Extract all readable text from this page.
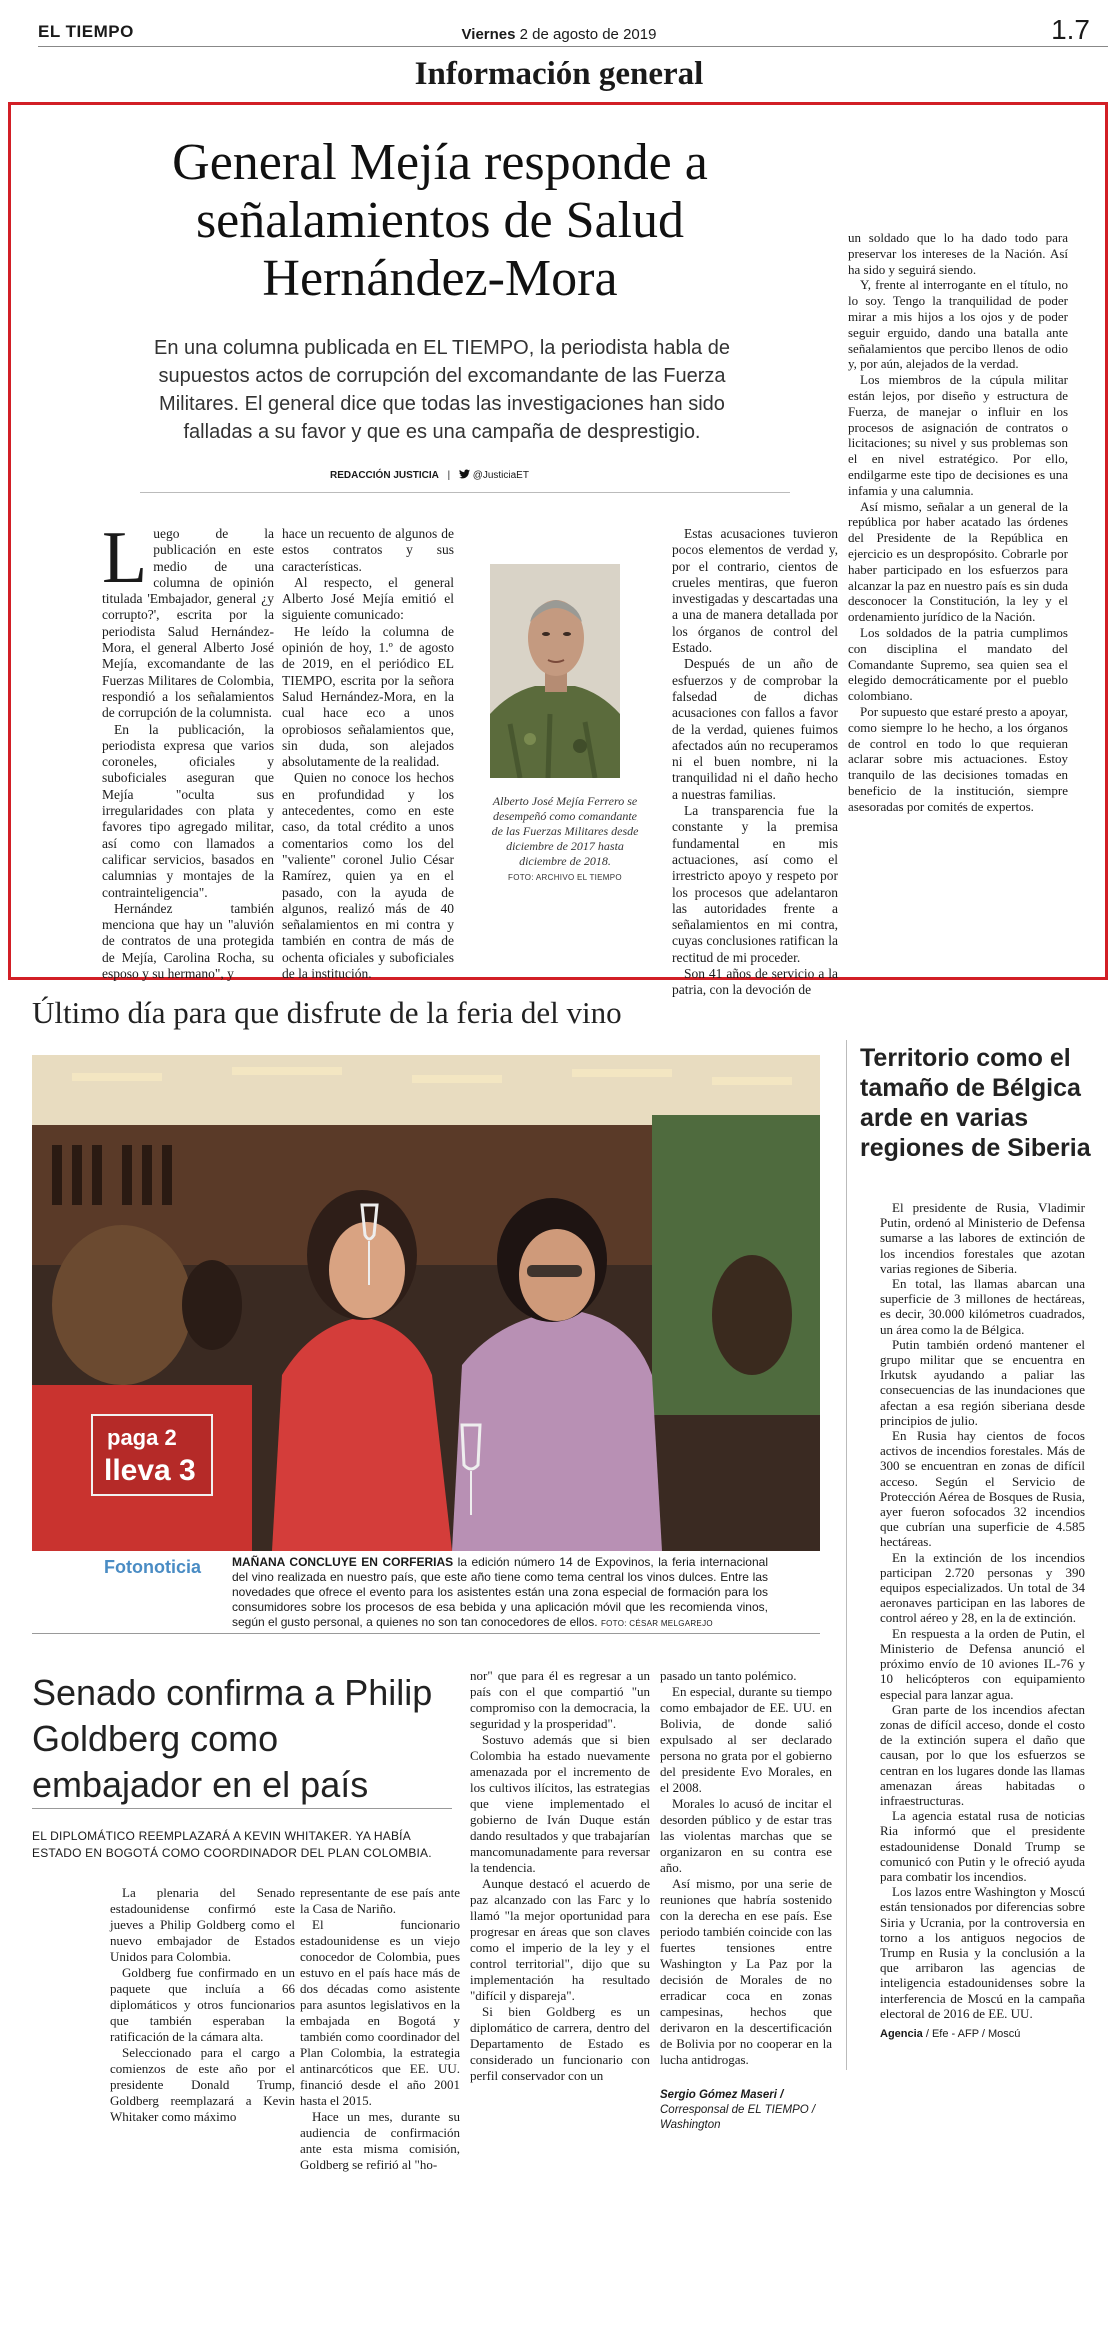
EL TIEMPO	Viernes 2 de agosto de 2019	1.7
Información general
General Mejía responde a señalamientos de Salud Hernández-Mora

En una columna publicada en EL TIEMPO, la periodista habla de supuestos actos de corrupción del excomandante de las Fuerza Militares. El general dice que todas las investigaciones han sido falladas a su favor y que es una campaña de desprestigio.

REDACCIÓN JUSTICIA | @JusticiaET

Luego de la publicación en este medio de una columna de opinión titulada 'Embajador, general ¿y corrupto?', escrita por la periodista Salud Hernández-Mora, el general Alberto José Mejía, excomandante de las Fuerzas Militares de Colombia, respondió a los señalamientos de corrupción de la columnista.

En la publicación, la periodista expresa que varios coroneles, oficiales y suboficiales aseguran que Mejía "oculta sus irregularidades con plata y favores tipo agregado militar, así como con llamados a calificar servicios, basados en calumnias y montajes de la contrainteligencia".

Hernández también menciona que hay un "aluvión de contratos de una protegida de Mejía, Carolina Rocha, su esposo y su hermano", y

hace un recuento de algunos de estos contratos y sus características.

Al respecto, el general Alberto José Mejía emitió el siguiente comunicado:

He leído la columna de opinión de hoy, 1.º de agosto de 2019, en el periódico EL TIEMPO, escrita por la señora Salud Hernández-Mora, en la cual hace eco a unos oprobiosos señalamientos que, sin duda, son alejados absolutamente de la realidad.

Quien no conoce los hechos en profundidad y los antecedentes, como en este caso, da total crédito a unos comentarios como los del "valiente" coronel Julio César Ramírez, quien ya en el pasado, con la ayuda de algunos, realizó más de 40 señalamientos en mi contra y también en contra de más de ochenta oficiales y suboficiales de la institución.

Alberto José Mejía Ferrero se desempeñó como comandante de las Fuerzas Militares desde diciembre de 2017 hasta diciembre de 2018.
FOTO: ARCHIVO EL TIEMPO

Estas acusaciones tuvieron pocos elementos de verdad y, por el contrario, cientos de crueles mentiras, que fueron investigadas y descartadas una a una de manera detallada por los órganos de control del Estado.

Después de un año de esfuerzos y de comprobar la falsedad de dichas acusaciones con fallos a favor de la verdad, quienes fuimos afectados aún no recuperamos ni el buen nombre, ni la tranquilidad ni el daño hecho a nuestras familias.

La transparencia fue la constante y la premisa fundamental en mis actuaciones, así como el irrestricto apoyo y respeto por los procesos que adelantaron las autoridades frente a señalamientos en mi contra, cuyas conclusiones ratifican la rectitud de mi proceder.

Son 41 años de servicio a la patria, con la devoción de

un soldado que lo ha dado todo para preservar los intereses de la Nación. Así ha sido y seguirá siendo.

Y, frente al interrogante en el título, no lo soy. Tengo la tranquilidad de poder mirar a mis hijos a los ojos y de poder seguir erguido, dando una batalla ante señalamientos que percibo llenos de odio y, por aún, alejados de la verdad.

Los miembros de la cúpula militar están lejos, por diseño y estructura de Fuerza, de manejar o influir en los procesos de asignación de contratos o licitaciones; su nivel y sus problemas son el en nivel estratégico. Por ello, endilgarme este tipo de decisiones es una infamia y una calumnia.

Así mismo, señalar a un general de la república por haber acatado las órdenes del Presidente de la República en ejercicio es un despropósito. Cobrarle por haber participado en los esfuerzos para alcanzar la paz en nuestro país es sin duda desconocer la Constitución, la ley y el ordenamiento jurídico de la Nación.

Los soldados de la patria cumplimos con disciplina el mandato del Comandante Supremo, sea quien sea el elegido democráticamente por el pueblo colombiano.

Por supuesto que estaré presto a apoyar, como siempre lo he hecho, a los órganos de control en todo lo que requieran aclarar sobre mis actuaciones. Estoy tranquilo de las decisiones tomadas en beneficio de la institución, siempre asesoradas por comités de expertos.

Último día para que disfrute de la feria del vino
paga 2
lleva 3
Fotonoticia	MAÑANA CONCLUYE EN CORFERIAS la edición número 14 de Expovinos, la feria internacional del vino realizada en nuestro país, que este año tiene como tema central los vinos dulces. Entre las novedades que ofrece el evento para los asistentes están una zona especial de formación para los consumidores sobre los procesos de esa bebida y una aplicación móvil que les recomienda vinos, según el gusto personal, a quienes no son tan conocedores de ellos. FOTO: CÉSAR MELGAREJO

Senado confirma a Philip Goldberg como embajador en el país

EL DIPLOMÁTICO REEMPLAZARÁ A KEVIN WHITAKER. YA HABÍA ESTADO EN BOGOTÁ COMO COORDINADOR DEL PLAN COLOMBIA.

La plenaria del Senado estadounidense confirmó este jueves a Philip Goldberg como el nuevo embajador de Estados Unidos para Colombia.

Goldberg fue confirmado en un paquete que incluía a 66 diplomáticos y otros funcionarios que también esperaban la ratificación de la cámara alta.

Seleccionado para el cargo a comienzos de este año por el presidente Donald Trump, Goldberg reemplazará a Kevin Whitaker como máximo

representante de ese país ante la Casa de Nariño.

El funcionario estadounidense es un viejo conocedor de Colombia, pues estuvo en el país hace más de dos décadas como asistente para asuntos legislativos en la embajada en Bogotá y también como coordinador del Plan Colombia, la estrategia antinarcóticos que EE. UU. financió desde el año 2001 hasta el 2015.

Hace un mes, durante su audiencia de confirmación ante esta misma comisión, Goldberg se refirió al "ho-

nor" que para él es regresar a un país con el que compartió "un compromiso con la democracia, la seguridad y la prosperidad".

Sostuvo además que si bien Colombia ha estado nuevamente amenazada por el incremento de los cultivos ilícitos, las estrategias que viene implementado el gobierno de Iván Duque están dando resultados y que trabajarían mancomunadamente para reversar la tendencia.

Aunque destacó el acuerdo de paz alcanzado con las Farc y lo llamó "la mejor oportunidad para progresar en áreas que son claves como el imperio de la ley y el control territorial", dijo que su implementación ha resultado "difícil y dispareja".

Si bien Goldberg es un diplomático de carrera, dentro del Departamento de Estado es considerado un funcionario con perfil conservador con un

pasado un tanto polémico.

En especial, durante su tiempo como embajador de EE. UU. en Bolivia, de donde salió expulsado al ser declarado persona no grata por el gobierno del presidente Evo Morales, en el 2008.

Morales lo acusó de incitar el desorden público y de estar tras las violentas marchas que se organizaron en su contra ese año.

Así mismo, por una serie de reuniones que habría sostenido con la derecha en ese país. Ese periodo también coincide con las fuertes tensiones entre Washington y La Paz por la decisión de Morales de no erradicar coca en zonas campesinas, hechos que derivaron en la descertificación de Bolivia por no cooperar en la lucha antidrogas.

Sergio Gómez Maseri /
Corresponsal de EL TIEMPO / Washington

Territorio como el tamaño de Bélgica arde en varias regiones de Siberia

El presidente de Rusia, Vladimir Putin, ordenó al Ministerio de Defensa sumarse a las labores de extinción de los incendios forestales que azotan varias regiones de Siberia.

En total, las llamas abarcan una superficie de 3 millones de hectáreas, es decir, 30.000 kilómetros cuadrados, un área como la de Bélgica.

Putin también ordenó mantener el grupo militar que se encuentra en Irkutsk ayudando a paliar las consecuencias de las inundaciones que afectan a esa región siberiana desde principios de julio.

En Rusia hay cientos de focos activos de incendios forestales. Más de 300 se encuentran en zonas de difícil acceso. Según el Servicio de Protección Aérea de Bosques de Rusia, ayer fueron sofocados 32 incendios que cubrían una superficie de 4.585 hectáreas.

En la extinción de los incendios participan 2.720 personas y 390 equipos especializados. Un total de 34 aeronaves participan en las labores de control aéreo y 28, en la de extinción.

En respuesta a la orden de Putin, el Ministerio de Defensa anunció el próximo envío de 10 aviones IL-76 y 10 helicópteros con equipamiento especial para lanzar agua.

Gran parte de los incendios afectan zonas de difícil acceso, donde el costo de la extinción supera el daño que causan, por lo que los esfuerzos se centran en los lugares donde las llamas amenazan áreas habitadas o infraestructuras.

La agencia estatal rusa de noticias Ria informó que el presidente estadounidense Donald Trump se comunicó con Putin y le ofreció ayuda para combatir los incendios.

Los lazos entre Washington y Moscú están tensionados por diferencias sobre Siria y Ucrania, por la controversia en torno a los antiguos negocios de Trump en Rusia y la conclusión a la que arribaron las agencias de inteligencia estadounidenses sobre la interferencia de Moscú en la campaña electoral de 2016 de EE. UU.

Agencia / Efe - AFP / Moscú
